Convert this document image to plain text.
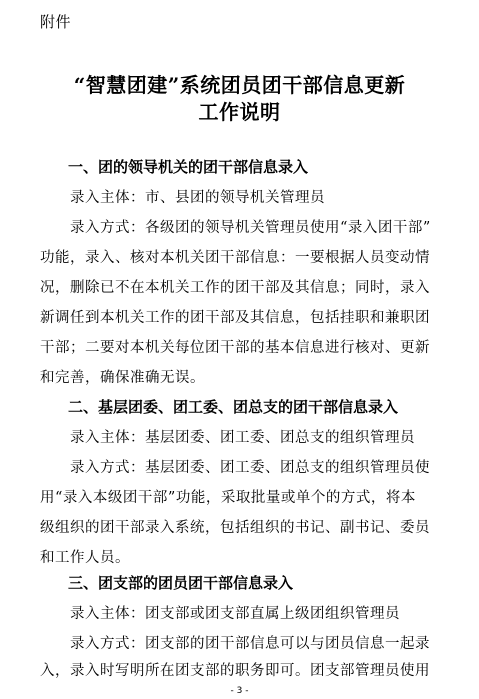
附件
“智慧团建”系统团员团干部信息更新
工作说明
一、团的领导机关的团干部信息录入
录入主体：市、县团的领导机关管理员
录入方式：各级团的领导机关管理员使用“录入团干部”
功能，录入、核对本机关团干部信息：一要根据人员变动情
况，删除已不在本机关工作的团干部及其信息；同时，录入
新调任到本机关工作的团干部及其信息，包括挂职和兼职团
干部；二要对本机关每位团干部的基本信息进行核对、更新
和完善，确保准确无误。
二、基层团委、团工委、团总支的团干部信息录入
录入主体：基层团委、团工委、团总支的组织管理员
录入方式：基层团委、团工委、团总支的组织管理员使
用“录入本级团干部”功能，采取批量或单个的方式，将本
级组织的团干部录入系统，包括组织的书记、副书记、委员
和工作人员。
三、团支部的团员团干部信息录入
录入主体：团支部或团支部直属上级团组织管理员
录入方式：团支部的团干部信息可以与团员信息一起录
入，录入时写明所在团支部的职务即可。团支部管理员使用
- 3 -
